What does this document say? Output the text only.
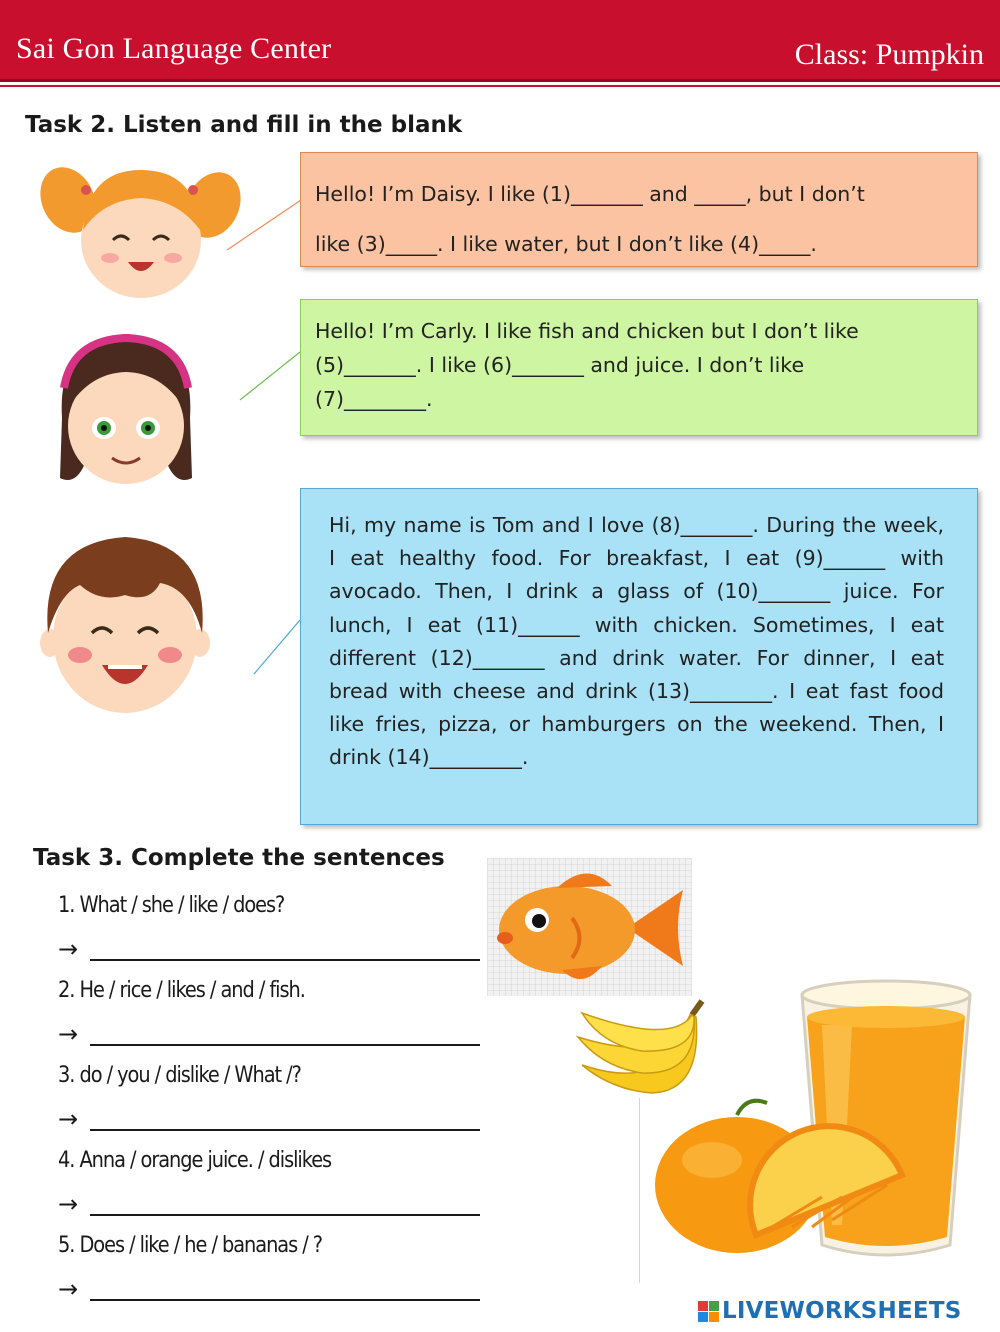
Sai Gon Language Center	Class: Pumpkin
Task 2. Listen and fill in the blank

Hello! I’m Daisy. I like (1)_______ and _____, but I don’t
like (3)_____. I like water, but I don’t like (4)_____.

Hello! I’m Carly. I like fish and chicken but I don’t like
(5)_______. I like (6)_______ and juice. I don’t like
(7)________.
Hi, my name is Tom and I love (8)_______. During the week, I eat healthy food. For breakfast, I eat (9)______ with avocado. Then, I drink a glass of (10)_______ juice. For lunch, I eat (11)______ with chicken. Sometimes, I eat different (12)_______ and drink water. For dinner, I eat bread with cheese and drink (13)________. I eat fast food like fries, pizza, or hamburgers on the weekend. Then, I drink (14)_________.
Task 3. Complete the sentences
1. What / she / like / does?
→
2. He / rice / likes / and / fish.
→
3. do / you / dislike / What /?
→
4. Anna / orange juice. / dislikes
→
5. Does / like / he / bananas / ?
→
LIVEWORKSHEETS
